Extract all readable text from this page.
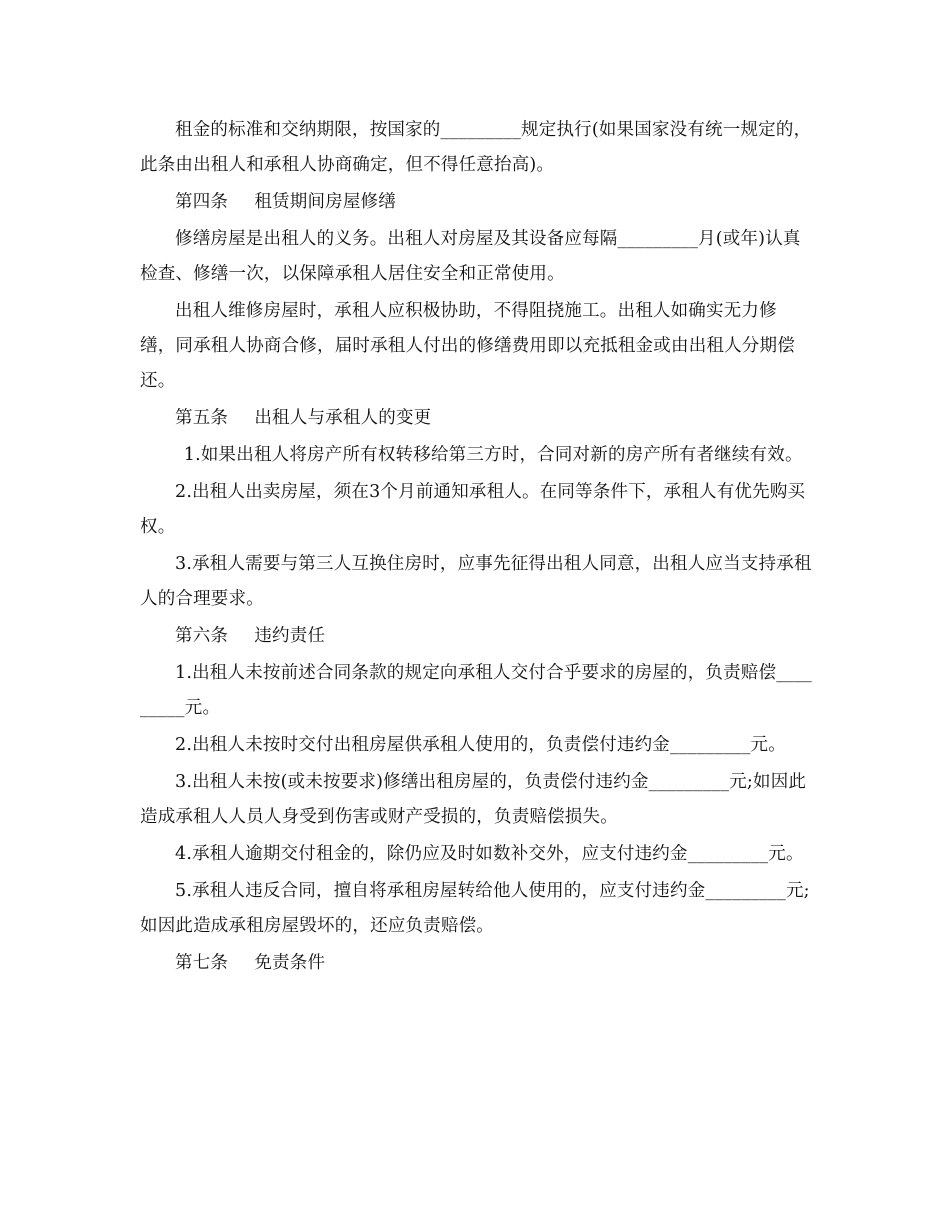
租金的标准和交纳期限，按国家的_________规定执行(如果国家没有统一规定的，此条由出租人和承租人协商确定，但不得任意抬高)。

第四条 租赁期间房屋修缮

修缮房屋是出租人的义务。出租人对房屋及其设备应每隔_________月(或年)认真检查、修缮一次，以保障承租人居住安全和正常使用。

出租人维修房屋时，承租人应积极协助，不得阻挠施工。出租人如确实无力修缮，同承租人协商合修，届时承租人付出的修缮费用即以充抵租金或由出租人分期偿还。

第五条 出租人与承租人的变更

1.如果出租人将房产所有权转移给第三方时，合同对新的房产所有者继续有效。

2.出租人出卖房屋，须在3个月前通知承租人。在同等条件下，承租人有优先购买权。

3.承租人需要与第三人互换住房时，应事先征得出租人同意，出租人应当支持承租人的合理要求。

第六条 违约责任

1.出租人未按前述合同条款的规定向承租人交付合乎要求的房屋的，负责赔偿_________元。

2.出租人未按时交付出租房屋供承租人使用的，负责偿付违约金_________元。

3.出租人未按(或未按要求)修缮出租房屋的，负责偿付违约金_________元;如因此造成承租人人员人身受到伤害或财产受损的，负责赔偿损失。

4.承租人逾期交付租金的，除仍应及时如数补交外，应支付违约金_________元。

5.承租人违反合同，擅自将承租房屋转给他人使用的，应支付违约金_________元;如因此造成承租房屋毁坏的，还应负责赔偿。

第七条 免责条件
